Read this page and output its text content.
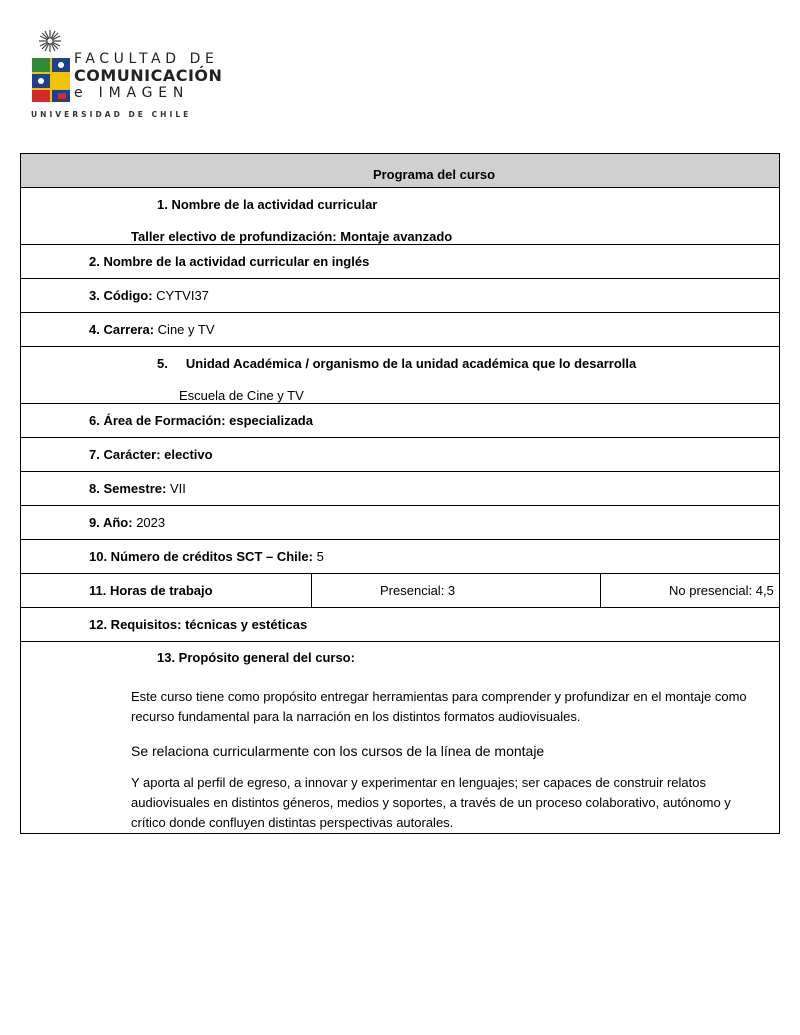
FACULTAD DE
COMUNICACIÓN
e IMAGEN
UNIVERSIDAD DE CHILE
Programa del curso

1. Nombre de la actividad curricular
Taller electivo de profundización: Montaje avanzado

2. Nombre de la actividad curricular en inglés
3. Código: CYTVI37
4. Carrera: Cine y TV

5.     Unidad Académica / organismo de la unidad académica que lo desarrolla
Escuela de Cine y TV

6. Área de Formación: especializada
7. Carácter: electivo
8. Semestre: VII
9. Año: 2023
10. Número de créditos SCT – Chile: 5
11. Horas de trabajo	Presencial: 3	No presencial: 4,5
12. Requisitos: técnicas y estéticas

13. Propósito general del curso:
Este curso tiene como propósito entregar herramientas para comprender y profundizar en el montaje como recurso fundamental para la narración en los distintos formatos audiovisuales.
Se relaciona curricularmente con los cursos de la línea de montaje
Y aporta al perfil de egreso, a innovar y experimentar en lenguajes; ser capaces de construir relatos audiovisuales en distintos géneros, medios y soportes, a través de un proceso colaborativo, autónomo y crítico donde confluyen distintas perspectivas autorales.
